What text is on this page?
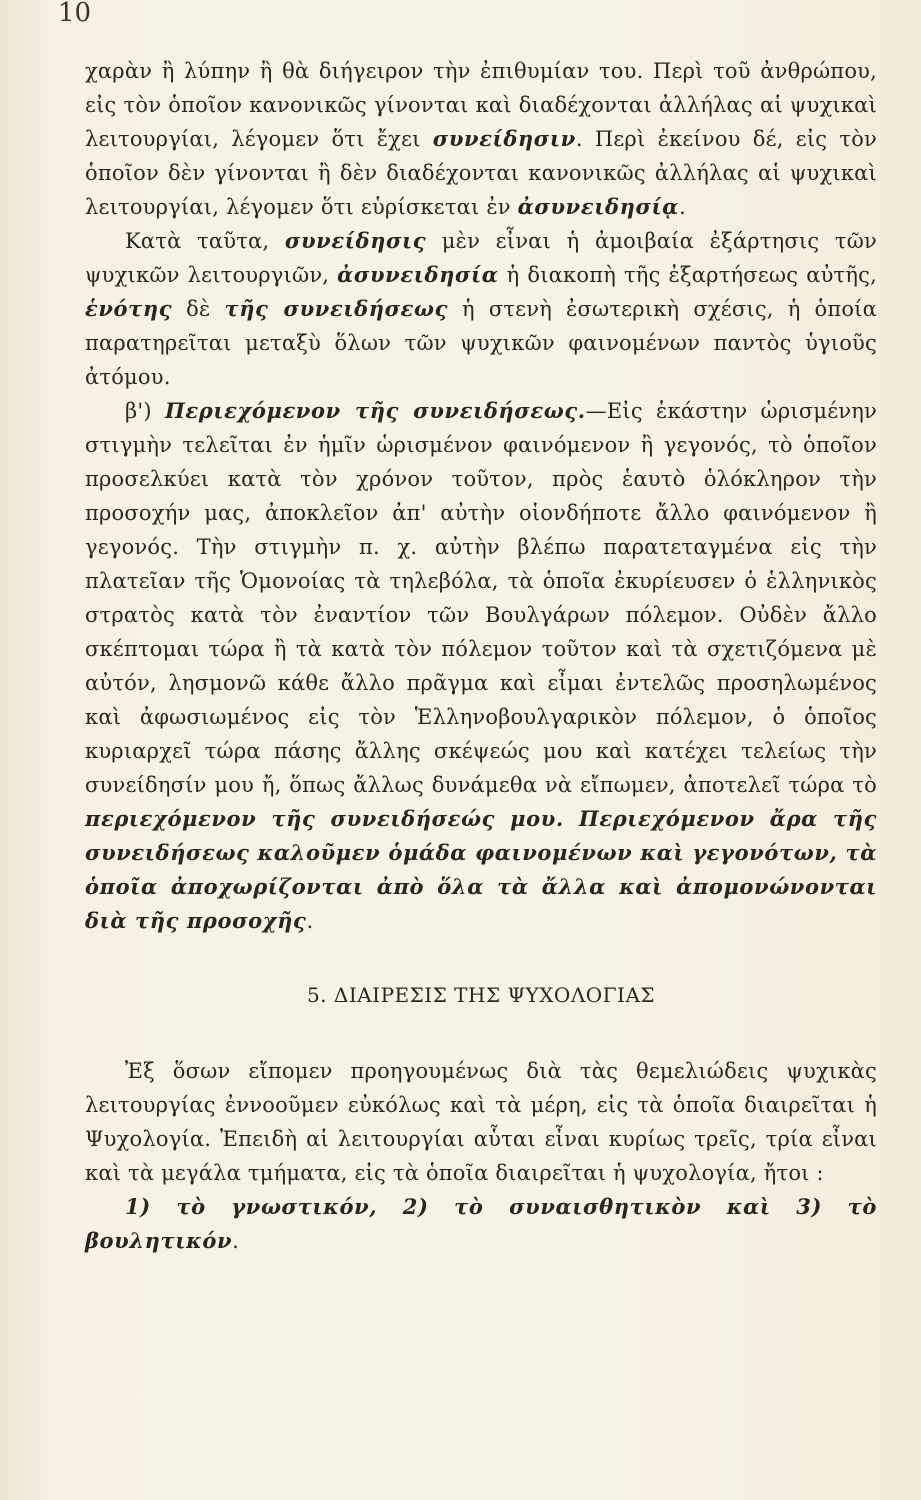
10

χαρὰν ἢ λύπην ἢ θὰ διήγειρον τὴν ἐπιθυμίαν του. Περὶ τοῦ ἀνθρώπου, εἰς τὸν ὁποῖον κανονικῶς γίνονται καὶ διαδέχονται ἀλλήλας αἱ ψυχικαὶ λειτουργίαι, λέγομεν ὅτι ἔχει συνείδησιν. Περὶ ἐκείνου δέ, εἰς τὸν ὁποῖον δὲν γίνονται ἢ δὲν διαδέχονται κανονικῶς ἀλλήλας αἱ ψυχικαὶ λειτουργίαι, λέγομεν ὅτι εὑρίσκεται ἐν ἀσυνειδησίᾳ.

Κατὰ ταῦτα, συνείδησις μὲν εἶναι ἡ ἀμοιβαία ἐξάρτησις τῶν ψυχικῶν λειτουργιῶν, ἀσυνειδησία ἡ διακοπὴ τῆς ἐξαρτήσεως αὐτῆς, ἑνότης δὲ τῆς συνειδήσεως ἡ στενὴ ἐσωτερικὴ σχέσις, ἡ ὁποία παρατηρεῖται μεταξὺ ὅλων τῶν ψυχικῶν φαινομένων παντὸς ὑγιοῦς ἀτόμου.

β') Περιεχόμενον τῆς συνειδήσεως.—Εἰς ἑκάστην ὡρισμένην στιγμὴν τελεῖται ἐν ἡμῖν ὡρισμένον φαινόμενον ἢ γεγονός, τὸ ὁποῖον προσελκύει κατὰ τὸν χρόνον τοῦτον, πρὸς ἑαυτὸ ὁλόκληρον τὴν προσοχήν μας, ἀποκλεῖον ἀπ' αὐτὴν οἱονδήποτε ἄλλο φαινόμενον ἢ γεγονός. Τὴν στιγμὴν π. χ. αὐτὴν βλέπω παρατεταγμένα εἰς τὴν πλατεῖαν τῆς Ὁμονοίας τὰ τηλεβόλα, τὰ ὁποῖα ἐκυρίευσεν ὁ ἑλληνικὸς στρατὸς κατὰ τὸν ἐναντίον τῶν Βουλγάρων πόλεμον. Οὐδὲν ἄλλο σκέπτομαι τώρα ἢ τὰ κατὰ τὸν πόλεμον τοῦτον καὶ τὰ σχετιζόμενα μὲ αὐτόν, λησμονῶ κάθε ἄλλο πρᾶγμα καὶ εἶμαι ἐντελῶς προσηλωμένος καὶ ἀφωσιωμένος εἰς τὸν Ἑλληνοβουλγαρικὸν πόλεμον, ὁ ὁποῖος κυριαρχεῖ τώρα πάσης ἄλλης σκέψεώς μου καὶ κατέχει τελείως τὴν συνείδησίν μου ἤ, ὅπως ἄλλως δυνάμεθα νὰ εἴπωμεν, ἀποτελεῖ τώρα τὸ περιεχόμενον τῆς συνειδήσεώς μου. Περιεχόμενον ἄρα τῆς συνειδήσεως καλοῦμεν ὁμάδα φαινομένων καὶ γεγονότων, τὰ ὁποῖα ἀποχωρίζονται ἀπὸ ὅλα τὰ ἄλλα καὶ ἀπομονώνονται διὰ τῆς προσοχῆς.

5. ΔΙΑΙΡΕΣΙΣ ΤΗΣ ΨΥΧΟΛΟΓΙΑΣ

Ἐξ ὅσων εἴπομεν προηγουμένως διὰ τὰς θεμελιώδεις ψυχικὰς λειτουργίας ἐννοοῦμεν εὐκόλως καὶ τὰ μέρη, εἰς τὰ ὁποῖα διαιρεῖται ἡ Ψυχολογία. Ἐπειδὴ αἱ λειτουργίαι αὗται εἶναι κυρίως τρεῖς, τρία εἶναι καὶ τὰ μεγάλα τμήματα, εἰς τὰ ὁποῖα διαιρεῖται ἡ ψυχολογία, ἤτοι :

1) τὸ γνωστικόν, 2) τὸ συναισθητικὸν καὶ 3) τὸ βουλητικόν.
